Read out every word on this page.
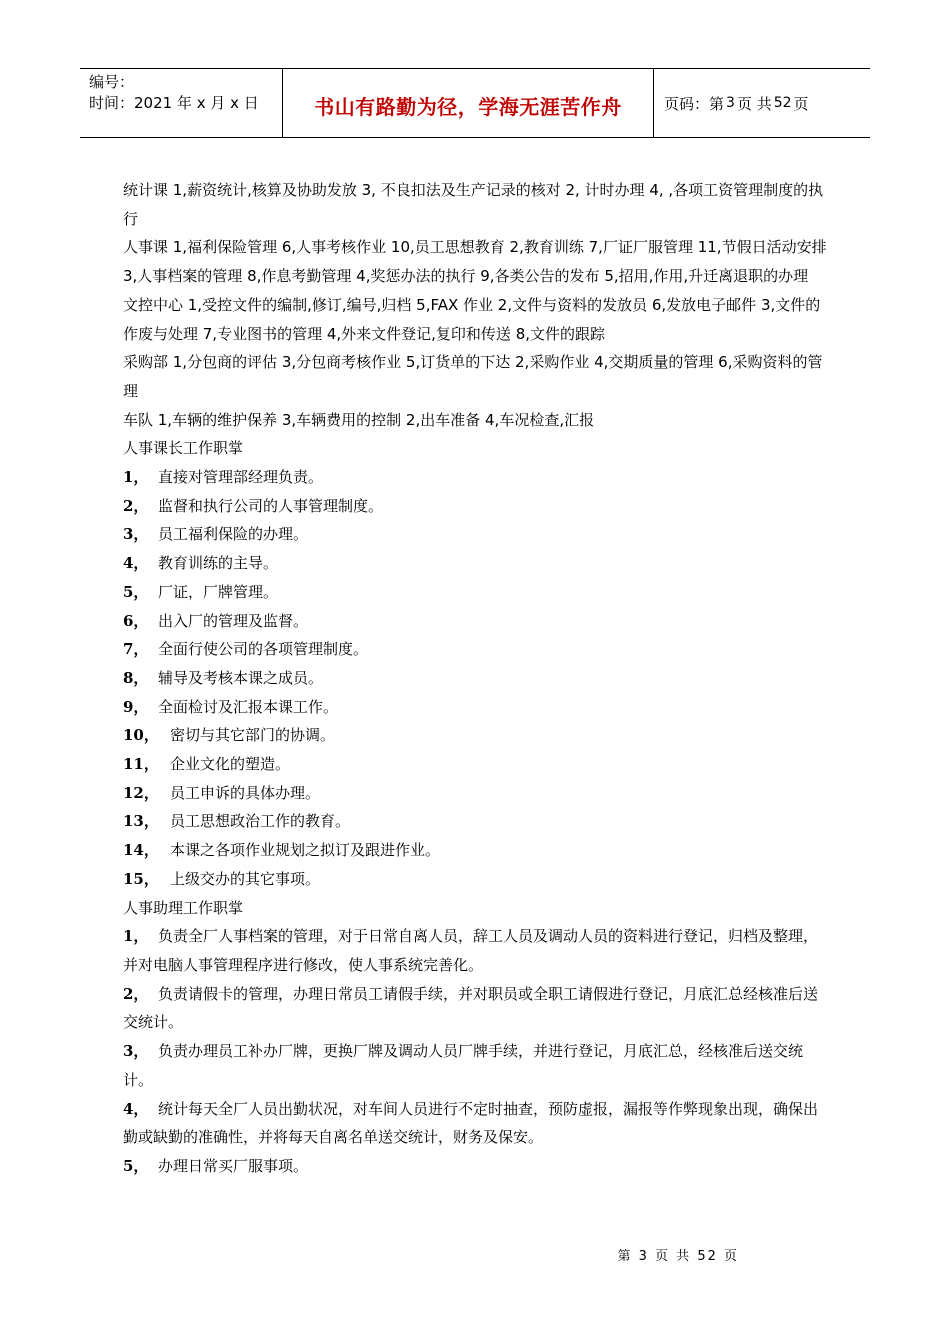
编号：
时间：2021 年 x 月 x 日	书山有路勤为径，学海无涯苦作舟	页码：第 3 页 共 52 页

统计课 1,薪资统计,核算及协助发放 3, 不良扣法及生产记录的核对 2, 计时办理 4, ,各项工资管理制度的执行

人事课 1,福利保险管理 6,人事考核作业 10,员工思想教育 2,教育训练 7,厂证厂服管理 11,节假日活动安排 3,人事档案的管理 8,作息考勤管理 4,奖惩办法的执行 9,各类公告的发布 5,招用,作用,升迁离退职的办理

文控中心 1,受控文件的编制,修订,编号,归档 5,FAX 作业 2,文件与资料的发放员 6,发放电子邮件 3,文件的作废与处理 7,专业图书的管理 4,外来文件登记,复印和传送 8,文件的跟踪

采购部 1,分包商的评估 3,分包商考核作业 5,订货单的下达 2,采购作业 4,交期质量的管理 6,采购资料的管理

车队 1,车辆的维护保养 3,车辆费用的控制 2,出车准备 4,车况检查,汇报

人事课长工作职掌

1， 直接对管理部经理负责。

2， 监督和执行公司的人事管理制度。

3， 员工福利保险的办理。

4， 教育训练的主导。

5， 厂证，厂牌管理。

6， 出入厂的管理及监督。

7， 全面行使公司的各项管理制度。

8， 辅导及考核本课之成员。

9， 全面检讨及汇报本课工作。

10， 密切与其它部门的协调。

11， 企业文化的塑造。

12， 员工申诉的具体办理。

13， 员工思想政治工作的教育。

14， 本课之各项作业规划之拟订及跟进作业。

15， 上级交办的其它事项。

人事助理工作职掌

1， 负责全厂人事档案的管理，对于日常自离人员，辞工人员及调动人员的资料进行登记，归档及整理，并对电脑人事管理程序进行修改，使人事系统完善化。

2， 负责请假卡的管理，办理日常员工请假手续，并对职员或全职工请假进行登记，月底汇总经核准后送交统计。

3， 负责办理员工补办厂牌，更换厂牌及调动人员厂牌手续，并进行登记，月底汇总，经核准后送交统计。

4， 统计每天全厂人员出勤状况，对车间人员进行不定时抽查，预防虚报，漏报等作弊现象出现，确保出勤或缺勤的准确性，并将每天自离名单送交统计，财务及保安。

5， 办理日常买厂服事项。

第 3 页 共 52 页
